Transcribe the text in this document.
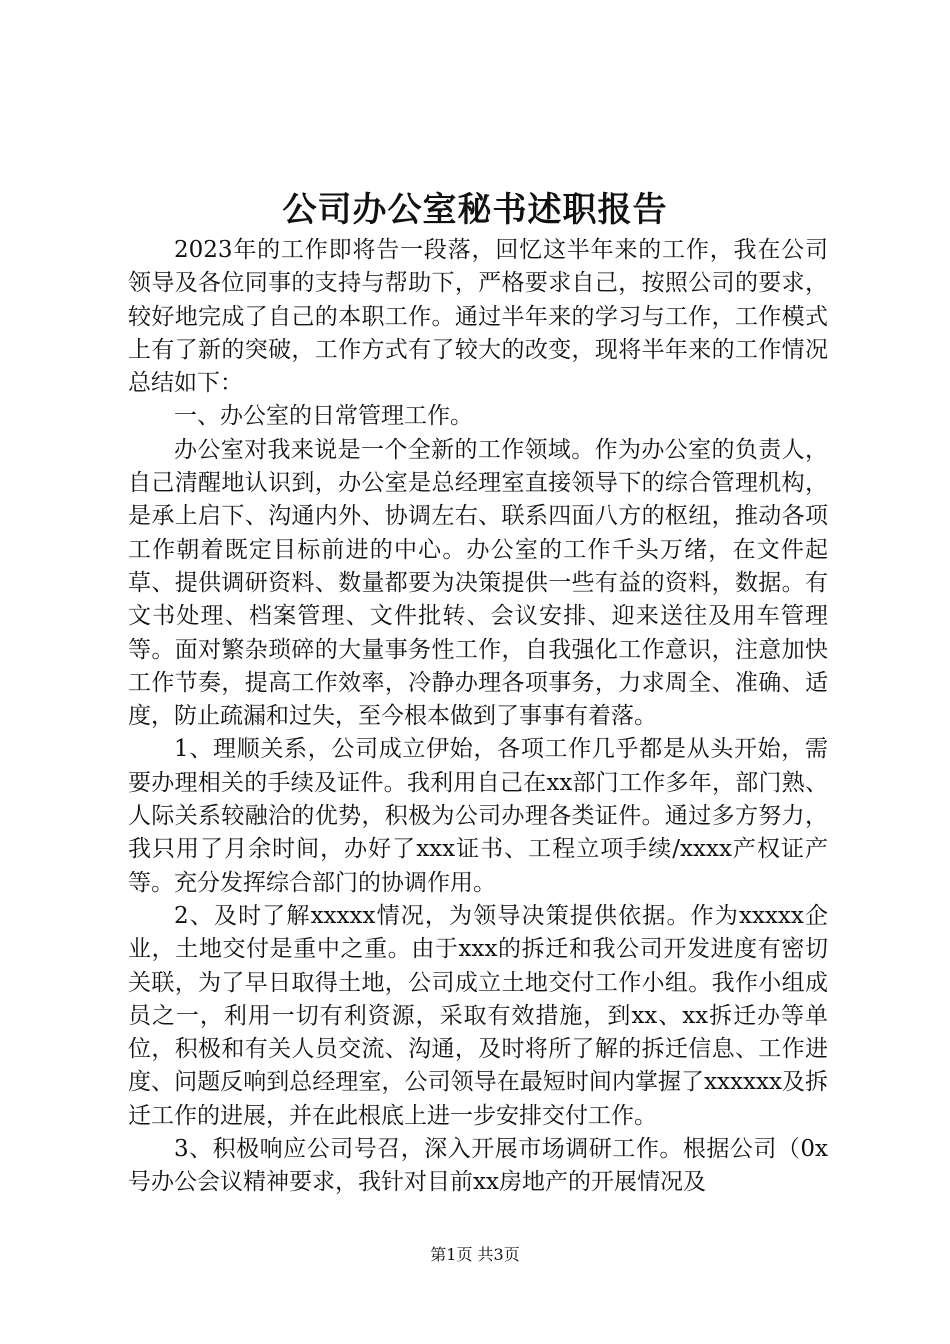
公司办公室秘书述职报告

2023年的工作即将告一段落，回忆这半年来的工作，我在公司领导及各位同事的支持与帮助下，严格要求自己，按照公司的要求，较好地完成了自己的本职工作。通过半年来的学习与工作，工作模式上有了新的突破，工作方式有了较大的改变，现将半年来的工作情况总结如下：

一、办公室的日常管理工作。

办公室对我来说是一个全新的工作领域。作为办公室的负责人，自己清醒地认识到，办公室是总经理室直接领导下的综合管理机构，是承上启下、沟通内外、协调左右、联系四面八方的枢纽，推动各项工作朝着既定目标前进的中心。办公室的工作千头万绪，在文件起草、提供调研资料、数量都要为决策提供一些有益的资料，数据。有文书处理、档案管理、文件批转、会议安排、迎来送往及用车管理等。面对繁杂琐碎的大量事务性工作，自我强化工作意识，注意加快工作节奏，提高工作效率，冷静办理各项事务，力求周全、准确、适度，防止疏漏和过失，至今根本做到了事事有着落。

1、理顺关系，公司成立伊始，各项工作几乎都是从头开始，需要办理相关的手续及证件。我利用自己在xx部门工作多年，部门熟、人际关系较融洽的优势，积极为公司办理各类证件。通过多方努力，我只用了月余时间，办好了xxx证书、工程立项手续/xxxx产权证产等。充分发挥综合部门的协调作用。

2、及时了解xxxxx情况，为领导决策提供依据。作为xxxxx企业，土地交付是重中之重。由于xxx的拆迁和我公司开发进度有密切关联，为了早日取得土地，公司成立土地交付工作小组。我作小组成员之一，利用一切有利资源，采取有效措施，到xx、xx拆迁办等单位，积极和有关人员交流、沟通，及时将所了解的拆迁信息、工作进度、问题反响到总经理室，公司领导在最短时间内掌握了xxxxxx及拆迁工作的进展，并在此根底上进一步安排交付工作。

3、积极响应公司号召，深入开展市场调研工作。根据公司（0x号办公会议精神要求，我针对目前xx房地产的开展情况及

第1页 共3页
